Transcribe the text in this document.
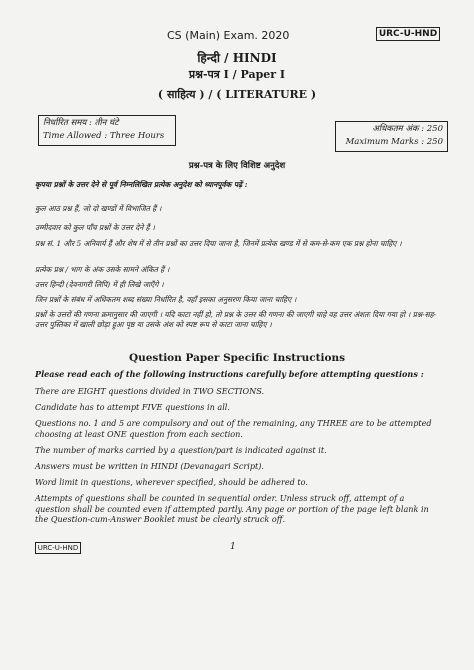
CS (Main) Exam. 2020	URC-U-HND
हिन्दी / HINDI
प्रश्न-पत्र I / Paper I
( साहित्य ) / ( LITERATURE )
निर्धारित समय : तीन घंटे
Time Allowed : Three Hours
अधिकतम अंक : 250
Maximum Marks : 250
प्रश्न-पत्र के लिए विशिष्ट अनुदेश
कृपया प्रश्नों के उत्तर देने से पूर्व निम्नलिखित प्रत्येक अनुदेश को ध्यानपूर्वक पढ़ें :
कुल आठ प्रश्न हैं, जो दो खण्डों में विभाजित हैं ।
उम्मीदवार को कुल पाँच प्रश्नों के उत्तर देने हैं ।
प्रश्न सं. 1 और 5 अनिवार्य हैं और शेष में से तीन प्रश्नों का उत्तर दिया जाना है, जिनमें प्रत्येक खण्ड में से कम-से-कम एक प्रश्न होना चाहिए ।
प्रत्येक प्रश्न / भाग के अंक उसके सामने अंकित हैं ।
उत्तर हिन्दी (देवनागरी लिपि) में ही लिखे जाएँगे ।
जिन प्रश्नों के संबंध में अधिकतम शब्द संख्या निर्धारित है, वहाँ इसका अनुसरण किया जाना चाहिए ।
प्रश्नों के उत्तरों की गणना क्रमानुसार की जाएगी । यदि काटा नहीं हो, तो प्रश्न के उत्तर की गणना की जाएगी चाहे वह उत्तर अंशतः दिया गया हो । प्रश्न-सह-उत्तर पुस्तिका में खाली छोड़ा हुआ पृष्ठ या उसके अंश को स्पष्ट रूप से काटा जाना चाहिए ।
Question Paper Specific Instructions
Please read each of the following instructions carefully before attempting questions :
There are EIGHT questions divided in TWO SECTIONS.
Candidate has to attempt FIVE questions in all.
Questions no. 1 and 5 are compulsory and out of the remaining, any THREE are to be attempted choosing at least ONE question from each section.
The number of marks carried by a question/part is indicated against it.
Answers must be written in HINDI (Devanagari Script).
Word limit in questions, wherever specified, should be adhered to.
Attempts of questions shall be counted in sequential order. Unless struck off, attempt of a question shall be counted even if attempted partly. Any page or portion of the page left blank in the Question-cum-Answer Booklet must be clearly struck off.
URC-U-HND	1
